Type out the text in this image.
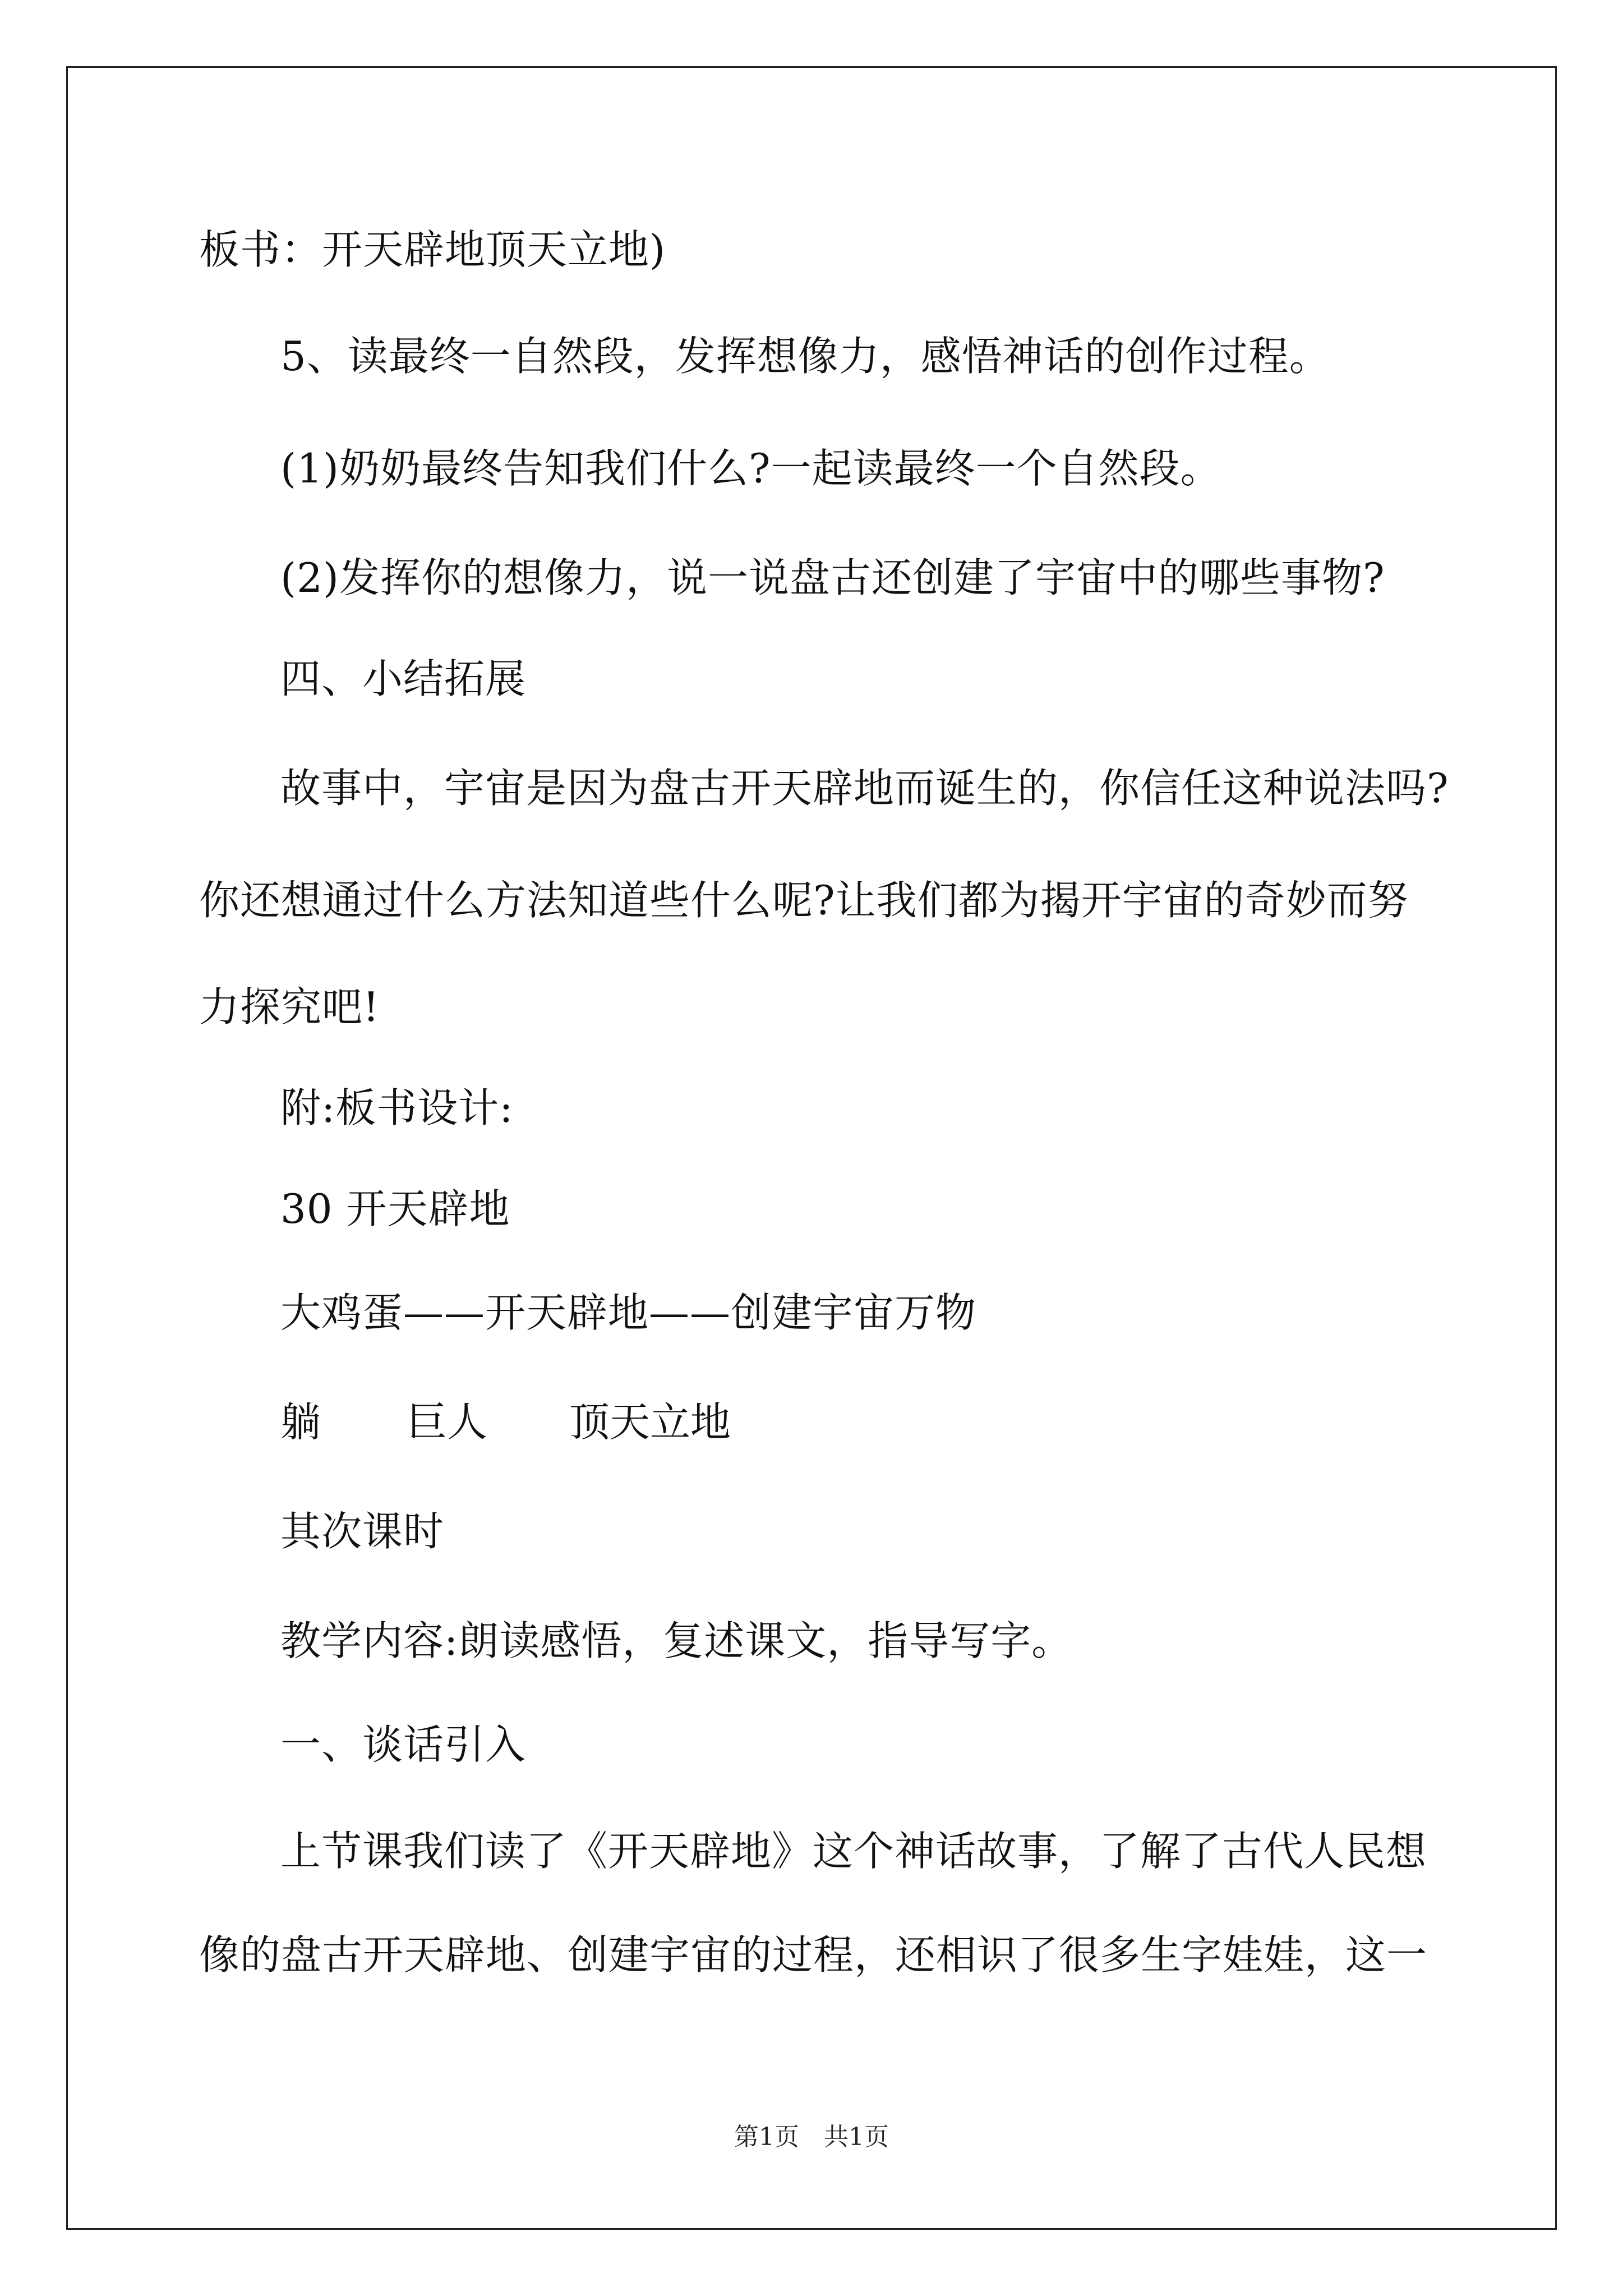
板书：开天辟地顶天立地)
5、读最终一自然段，发挥想像力，感悟神话的创作过程。
(1)奶奶最终告知我们什么?一起读最终一个自然段。
(2)发挥你的想像力，说一说盘古还创建了宇宙中的哪些事物?
四、小结拓展
故事中，宇宙是因为盘古开天辟地而诞生的，你信任这种说法吗?
你还想通过什么方法知道些什么呢?让我们都为揭开宇宙的奇妙而努
力探究吧!
附:板书设计:
30 开天辟地
大鸡蛋——开天辟地——创建宇宙万物
躺 巨人 顶天立地
其次课时
教学内容:朗读感悟，复述课文，指导写字。
一、谈话引入
上节课我们读了《开天辟地》这个神话故事，了解了古代人民想
像的盘古开天辟地、创建宇宙的过程，还相识了很多生字娃娃，这一
第1页 共1页
